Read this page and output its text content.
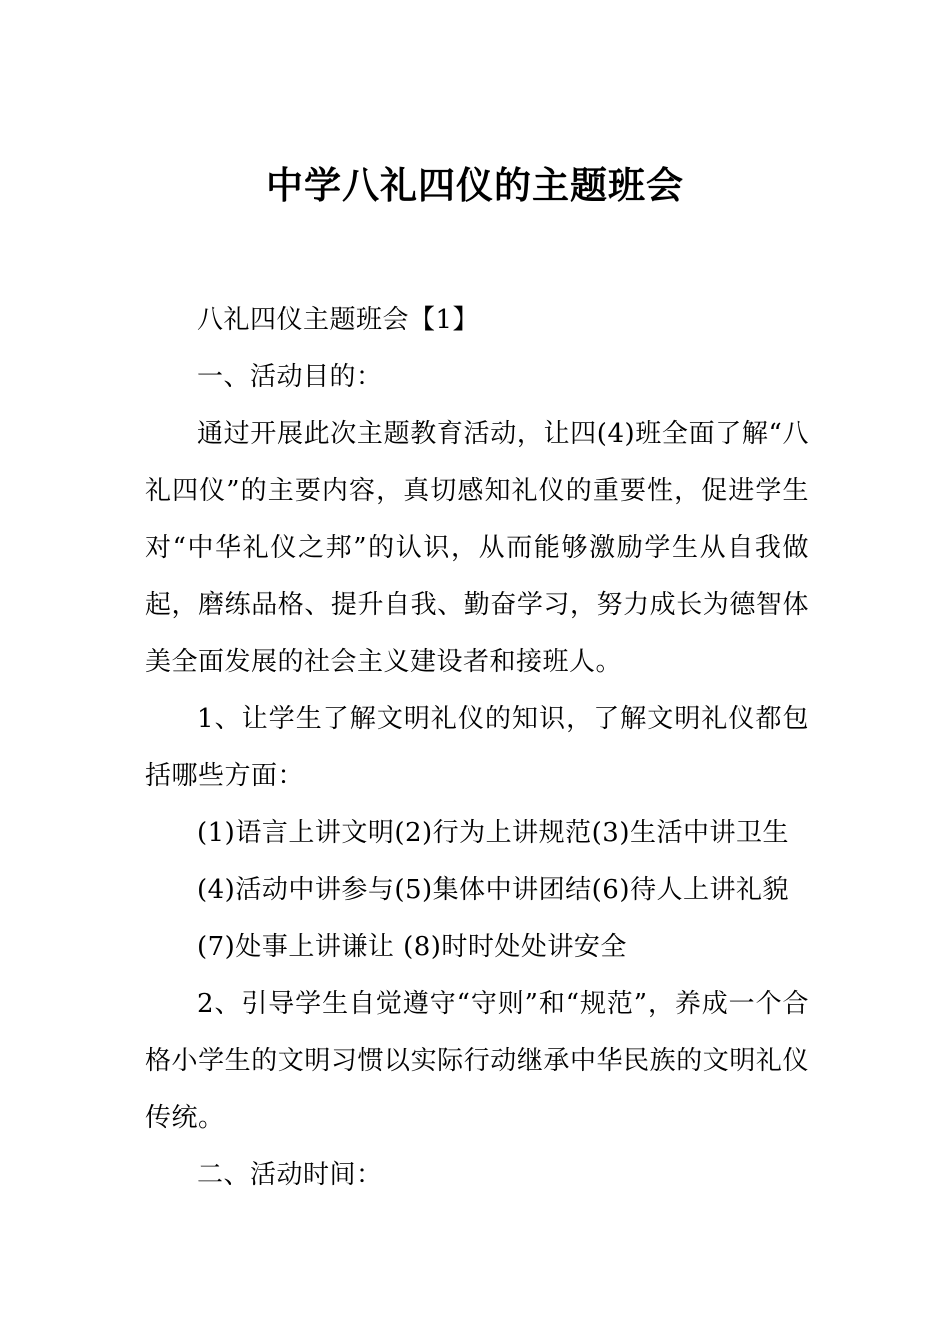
中学八礼四仪的主题班会

八礼四仪主题班会【1】

一、活动目的：

通过开展此次主题教育活动，让四(4)班全面了解“八礼四仪”的主要内容，真切感知礼仪的重要性，促进学生对“中华礼仪之邦”的认识，从而能够激励学生从自我做起，磨练品格、提升自我、勤奋学习，努力成长为德智体美全面发展的社会主义建设者和接班人。

1、让学生了解文明礼仪的知识，了解文明礼仪都包括哪些方面：

(1)语言上讲文明(2)行为上讲规范(3)生活中讲卫生

(4)活动中讲参与(5)集体中讲团结(6)待人上讲礼貌

(7)处事上讲谦让 (8)时时处处讲安全

2、引导学生自觉遵守“守则”和“规范”，养成一个合格小学生的文明习惯以实际行动继承中华民族的文明礼仪传统。

二、活动时间：
